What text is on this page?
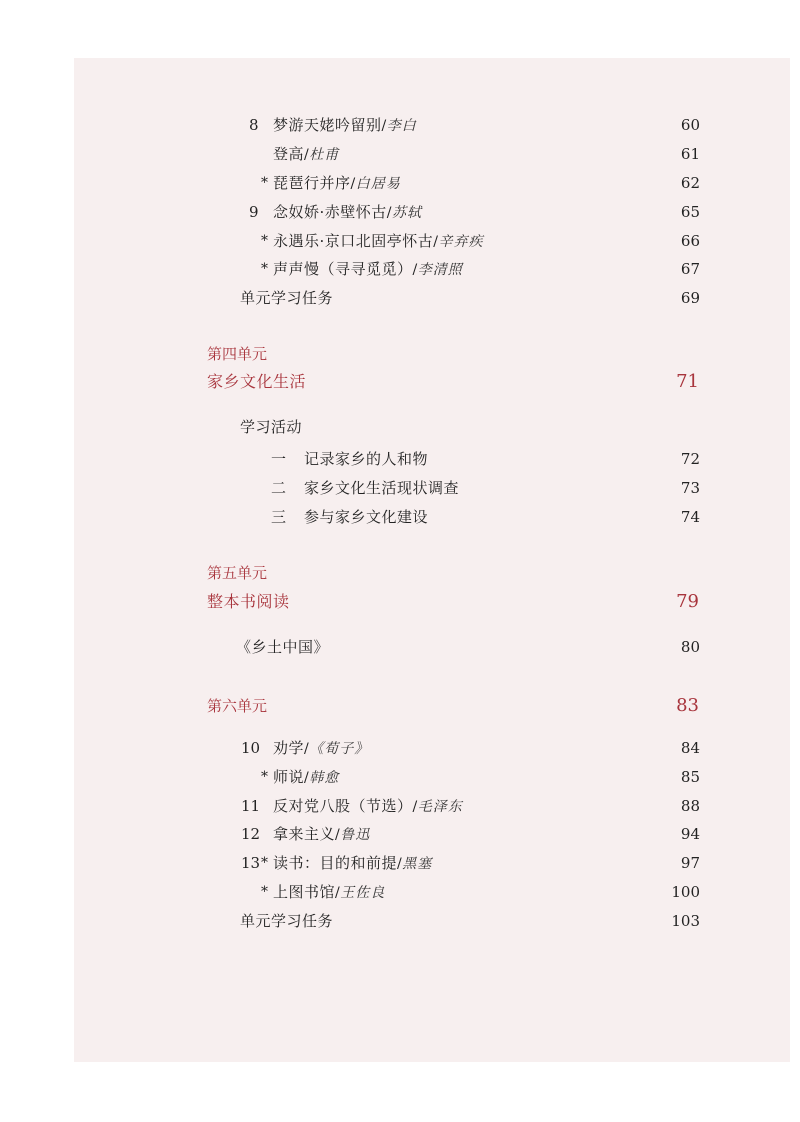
8 梦游天姥吟留别/李白	60
登高/杜甫	61
* 琵琶行并序/白居易	62
9 念奴娇·赤壁怀古/苏轼	65
* 永遇乐·京口北固亭怀古/辛弃疾	66
* 声声慢（寻寻觅觅）/李清照	67
单元学习任务	69
第四单元
家乡文化生活	71
学习活动
一 记录家乡的人和物	72
二 家乡文化生活现状调查	73
三 参与家乡文化建设	74
第五单元
整本书阅读	79
《乡土中国》	80
第六单元	83
10 劝学/《荀子》	84
* 师说/韩愈	85
11 反对党八股（节选）/毛泽东	88
12 拿来主义/鲁迅	94
13 * 读书：目的和前提/黑塞	97
* 上图书馆/王佐良	100
单元学习任务	103
